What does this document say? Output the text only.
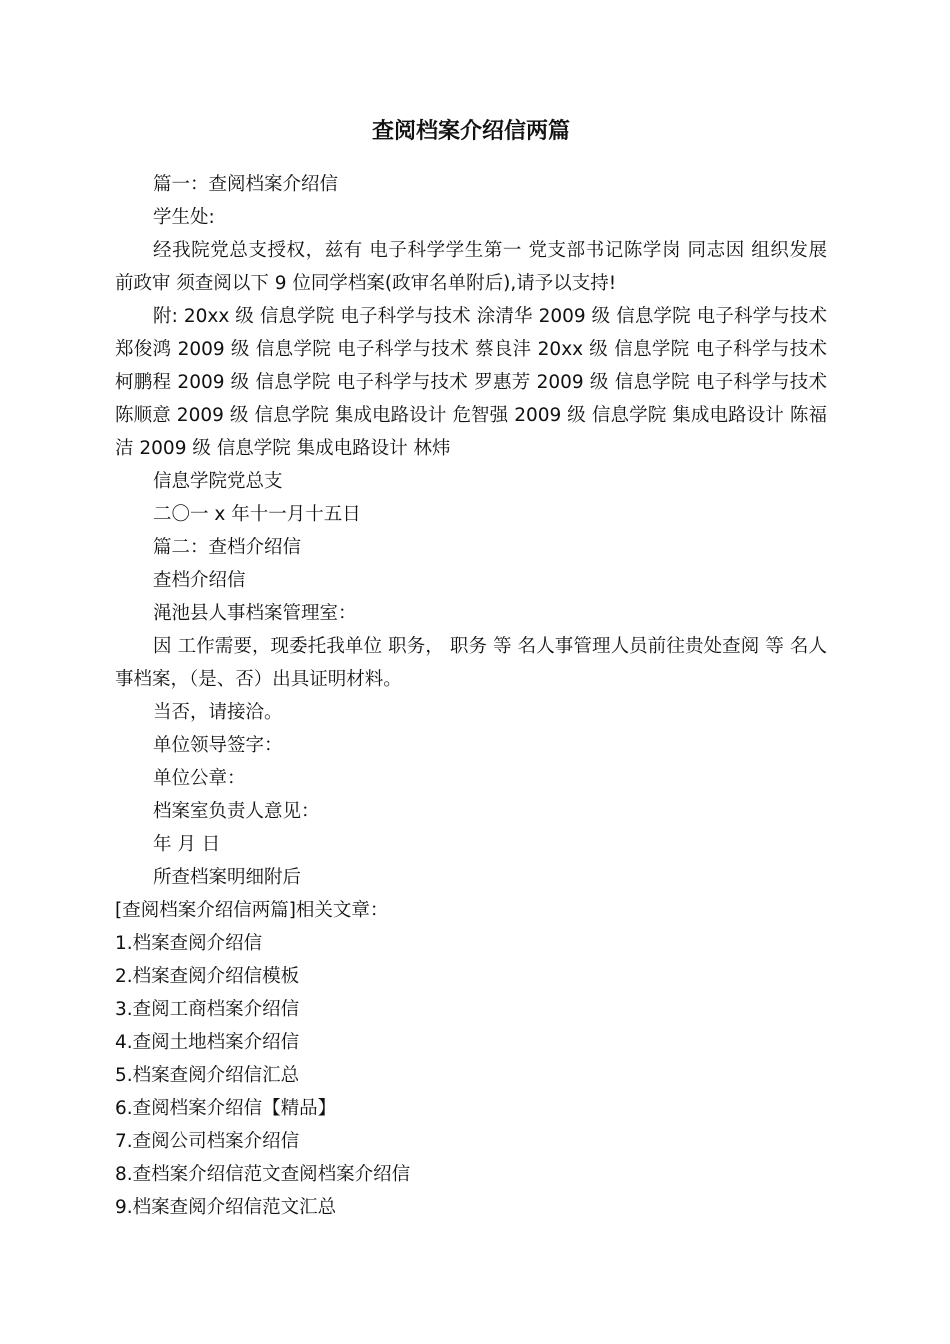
查阅档案介绍信两篇
篇一：查阅档案介绍信
学生处:
经我院党总支授权，兹有 电子科学学生第一 党支部书记陈学岗 同志因 组织发展 前政审 须查阅以下 9 位同学档案(政审名单附后),请予以支持!
附: 20xx 级 信息学院 电子科学与技术 涂清华 2009 级 信息学院 电子科学与技术 郑俊鸿 2009 级 信息学院 电子科学与技术 蔡良沣 20xx 级 信息学院 电子科学与技术 柯鹏程 2009 级 信息学院 电子科学与技术 罗惠芳 2009 级 信息学院 电子科学与技术 陈顺意 2009 级 信息学院 集成电路设计 危智强 2009 级 信息学院 集成电路设计 陈福洁 2009 级 信息学院 集成电路设计 林炜
信息学院党总支
二〇一 x 年十一月十五日
篇二：查档介绍信
查档介绍信
渑池县人事档案管理室：
因 工作需要，现委托我单位 职务， 职务 等 名人事管理人员前往贵处查阅 等 名人事档案，（是、否）出具证明材料。
当否，请接洽。
单位领导签字：
单位公章：
档案室负责人意见：
年 月 日
所查档案明细附后
[查阅档案介绍信两篇]相关文章：
1.档案查阅介绍信
2.档案查阅介绍信模板
3.查阅工商档案介绍信
4.查阅土地档案介绍信
5.档案查阅介绍信汇总
6.查阅档案介绍信【精品】
7.查阅公司档案介绍信
8.查档案介绍信范文查阅档案介绍信
9.档案查阅介绍信范文汇总
